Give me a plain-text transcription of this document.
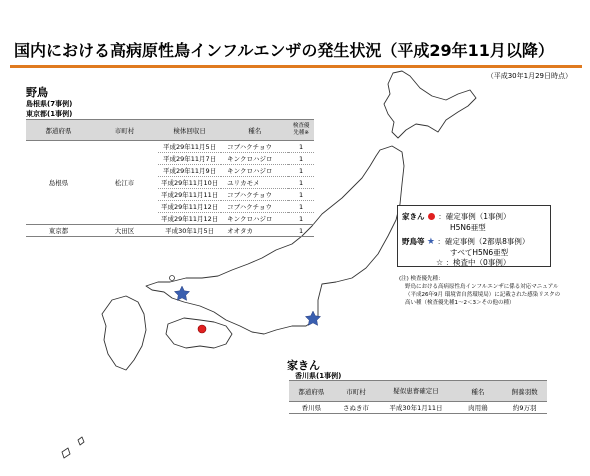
国内における高病原性鳥インフルエンザの発生状況（平成29年11月以降）
（平成30年1月29日時点）
野鳥
島根県(7事例)
東京都(1事例)
都道府県	市町村	検体回収日	種名	検査優先種※
		平成29年11月5日	コブハクチョウ	1
		平成29年11月7日	キンクロハジロ	1
		平成29年11月9日	キンクロハジロ	1
島根県	松江市	平成29年11月10日	ユリカモメ	1
		平成29年11月11日	コブハクチョウ	1
		平成29年11月12日	コブハクチョウ	1
		平成29年11月12日	キンクロハジロ	1
東京都	大田区	平成30年1月5日	オオタカ	1
家きん ：確定事例（1事例）
H5N6亜型
野鳥等 ★ ：確定事例（2都県8事例）
すべてH5N6亜型
☆ ：検査中（0事例）
(注) 検査優先種：
野鳥における高病原性鳥インフルエンザに係る対応マニュアル
（平成26年9月 環境省自然環境局）に記載された感染リスクの
高い種（検査優先種1～2＜3＞その他の種）
家きん
香川県(1事例)
都道府県	市町村	疑似患畜確定日	種名	飼養羽数
香川県	さぬき市	平成30年1月11日	肉用鶏	約9万羽
